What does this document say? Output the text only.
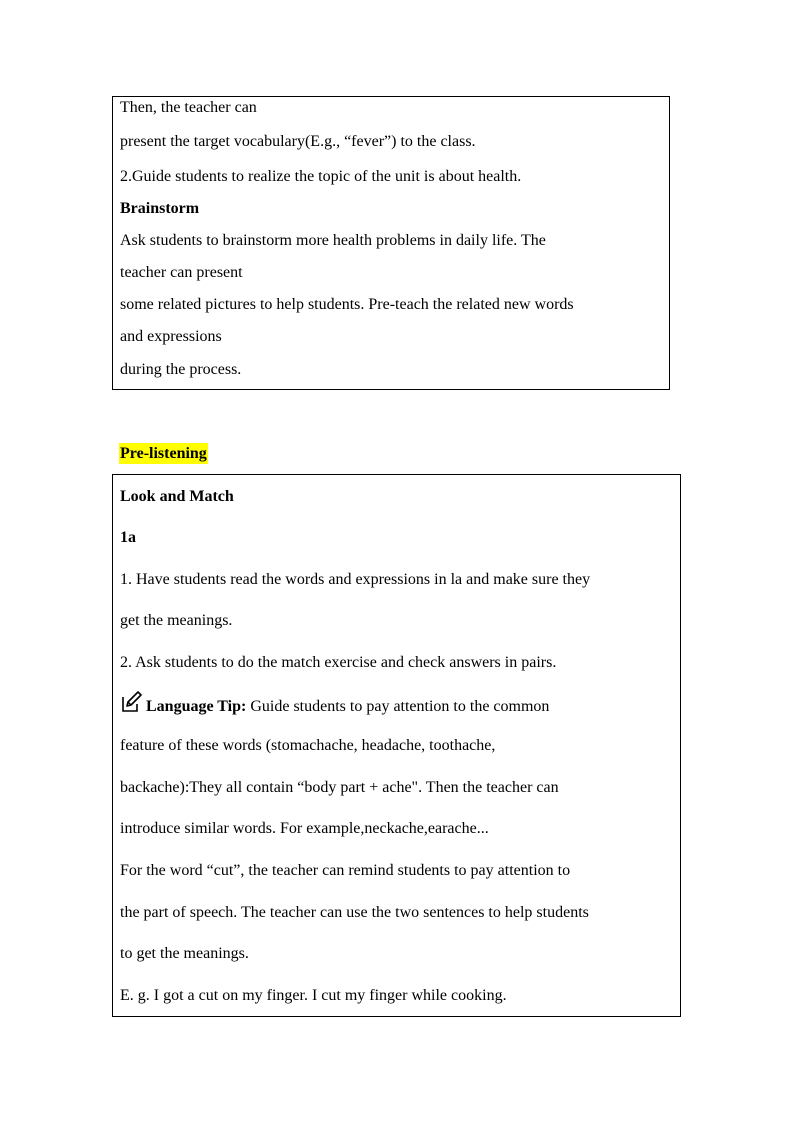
Then, the teacher can
present the target vocabulary(E.g., “fever”) to the class.
2.Guide students to realize the topic of the unit is about health.
Brainstorm
Ask students to brainstorm more health problems in daily life. The
teacher can present
some related pictures to help students. Pre-teach the related new words
and expressions
during the process.
Pre-listening
Look and Match
1a
1. Have students read the words and expressions in la and make sure they
get the meanings.
2. Ask students to do the match exercise and check answers in pairs.
Language Tip: Guide students to pay attention to the common
feature of these words (stomachache, headache, toothache,
backache):They all contain “body part + ache". Then the teacher can
introduce similar words. For example,neckache,earache...
For the word “cut”, the teacher can remind students to pay attention to
the part of speech. The teacher can use the two sentences to help students
to get the meanings.
E. g. I got a cut on my finger. I cut my finger while cooking.
